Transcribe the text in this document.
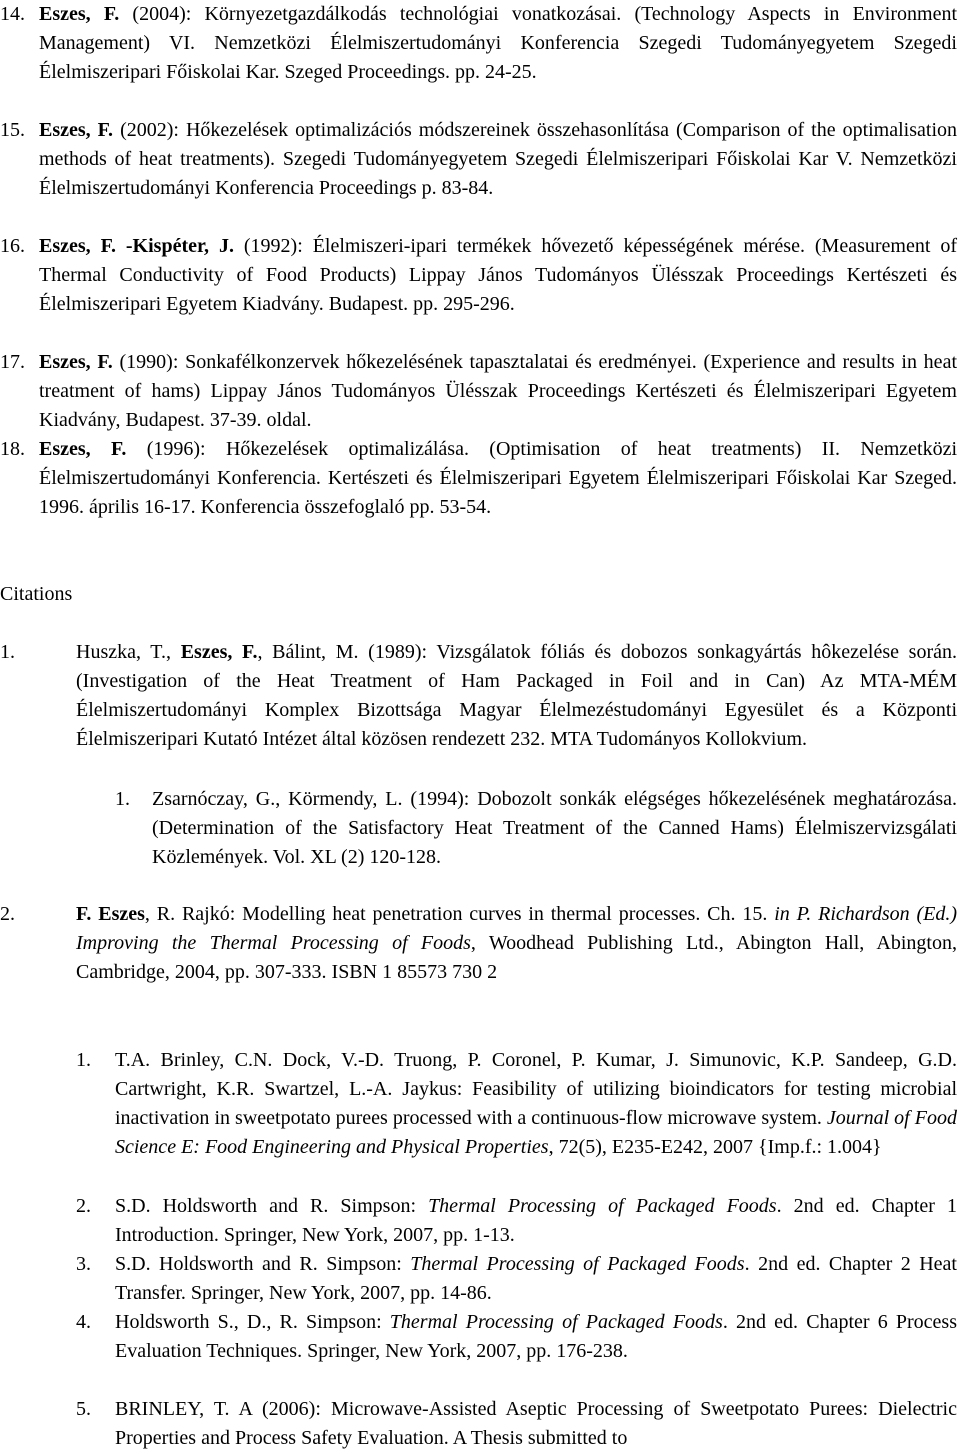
14. Eszes, F. (2004): Környezetgazdálkodás technológiai vonatkozásai. (Technology Aspects in Environment Management) VI. Nemzetközi Élelmiszertudományi Konferencia Szegedi Tudományegyetem Szegedi Élelmiszeripari Főiskolai Kar. Szeged Proceedings. pp. 24-25.
15. Eszes, F. (2002): Hőkezelések optimalizációs módszereinek összehasonlítása (Comparison of the optimalisation methods of heat treatments). Szegedi Tudományegyetem Szegedi Élelmiszeripari Főiskolai Kar V. Nemzetközi Élelmiszertudományi Konferencia Proceedings p. 83-84.
16. Eszes, F. -Kispéter, J. (1992): Élelmiszeri-ipari termékek hővezető képességének mérése. (Measurement of Thermal Conductivity of Food Products) Lippay János Tudományos Ülésszak Proceedings Kertészeti és Élelmiszeripari Egyetem Kiadvány. Budapest. pp. 295-296.
17. Eszes, F. (1990): Sonkafélkonzervek hőkezelésének tapasztalatai és eredményei. (Experience and results in heat treatment of hams) Lippay János Tudományos Ülésszak Proceedings Kertészeti és Élelmiszeripari Egyetem Kiadvány, Budapest. 37-39. oldal.
18. Eszes, F. (1996): Hőkezelések optimalizálása. (Optimisation of heat treatments) II. Nemzetközi Élelmiszertudományi Konferencia. Kertészeti és Élelmiszeripari Egyetem Élelmiszeripari Főiskolai Kar Szeged. 1996. április 16-17. Konferencia összefoglaló pp. 53-54.
Citations
1.	Huszka, T., Eszes, F., Bálint, M. (1989): Vizsgálatok fóliás és dobozos sonkagyártás hôkezelése során. (Investigation of the Heat Treatment of Ham Packaged in Foil and in Can) Az MTA-MÉM Élelmiszertudományi Komplex Bizottsága Magyar Élelmezéstudományi Egyesület és a Központi Élelmiszeripari Kutató Intézet által közösen rendezett 232. MTA Tudományos Kollokvium.
1.	Zsarnóczay, G., Körmendy, L. (1994): Dobozolt sonkák elégséges hőkezelésének meghatározása. (Determination of the Satisfactory Heat Treatment of the Canned Hams) Élelmiszervizsgálati Közlemények. Vol. XL (2) 120-128.
2.	F. Eszes, R. Rajkó: Modelling heat penetration curves in thermal processes. Ch. 15. in P. Richardson (Ed.) Improving the Thermal Processing of Foods, Woodhead Publishing Ltd., Abington Hall, Abington, Cambridge, 2004, pp. 307-333. ISBN 1 85573 730 2
1.	T.A. Brinley, C.N. Dock, V.-D. Truong, P. Coronel, P. Kumar, J. Simunovic, K.P. Sandeep, G.D. Cartwright, K.R. Swartzel, L.-A. Jaykus: Feasibility of utilizing bioindicators for testing microbial inactivation in sweetpotato purees processed with a continuous-flow microwave system. Journal of Food Science E: Food Engineering and Physical Properties, 72(5), E235-E242, 2007 {Imp.f.: 1.004}
2.	S.D. Holdsworth and R. Simpson: Thermal Processing of Packaged Foods. 2nd ed. Chapter 1 Introduction. Springer, New York, 2007, pp. 1-13.
3.	S.D. Holdsworth and R. Simpson: Thermal Processing of Packaged Foods. 2nd ed. Chapter 2 Heat Transfer. Springer, New York, 2007, pp. 14-86.
4.	Holdsworth S., D., R. Simpson: Thermal Processing of Packaged Foods. 2nd ed. Chapter 6 Process Evaluation Techniques. Springer, New York, 2007, pp. 176-238.
5.	BRINLEY, T. A (2006): Microwave-Assisted Aseptic Processing of Sweetpotato Purees: Dielectric Properties and Process Safety Evaluation. A Thesis submitted to
